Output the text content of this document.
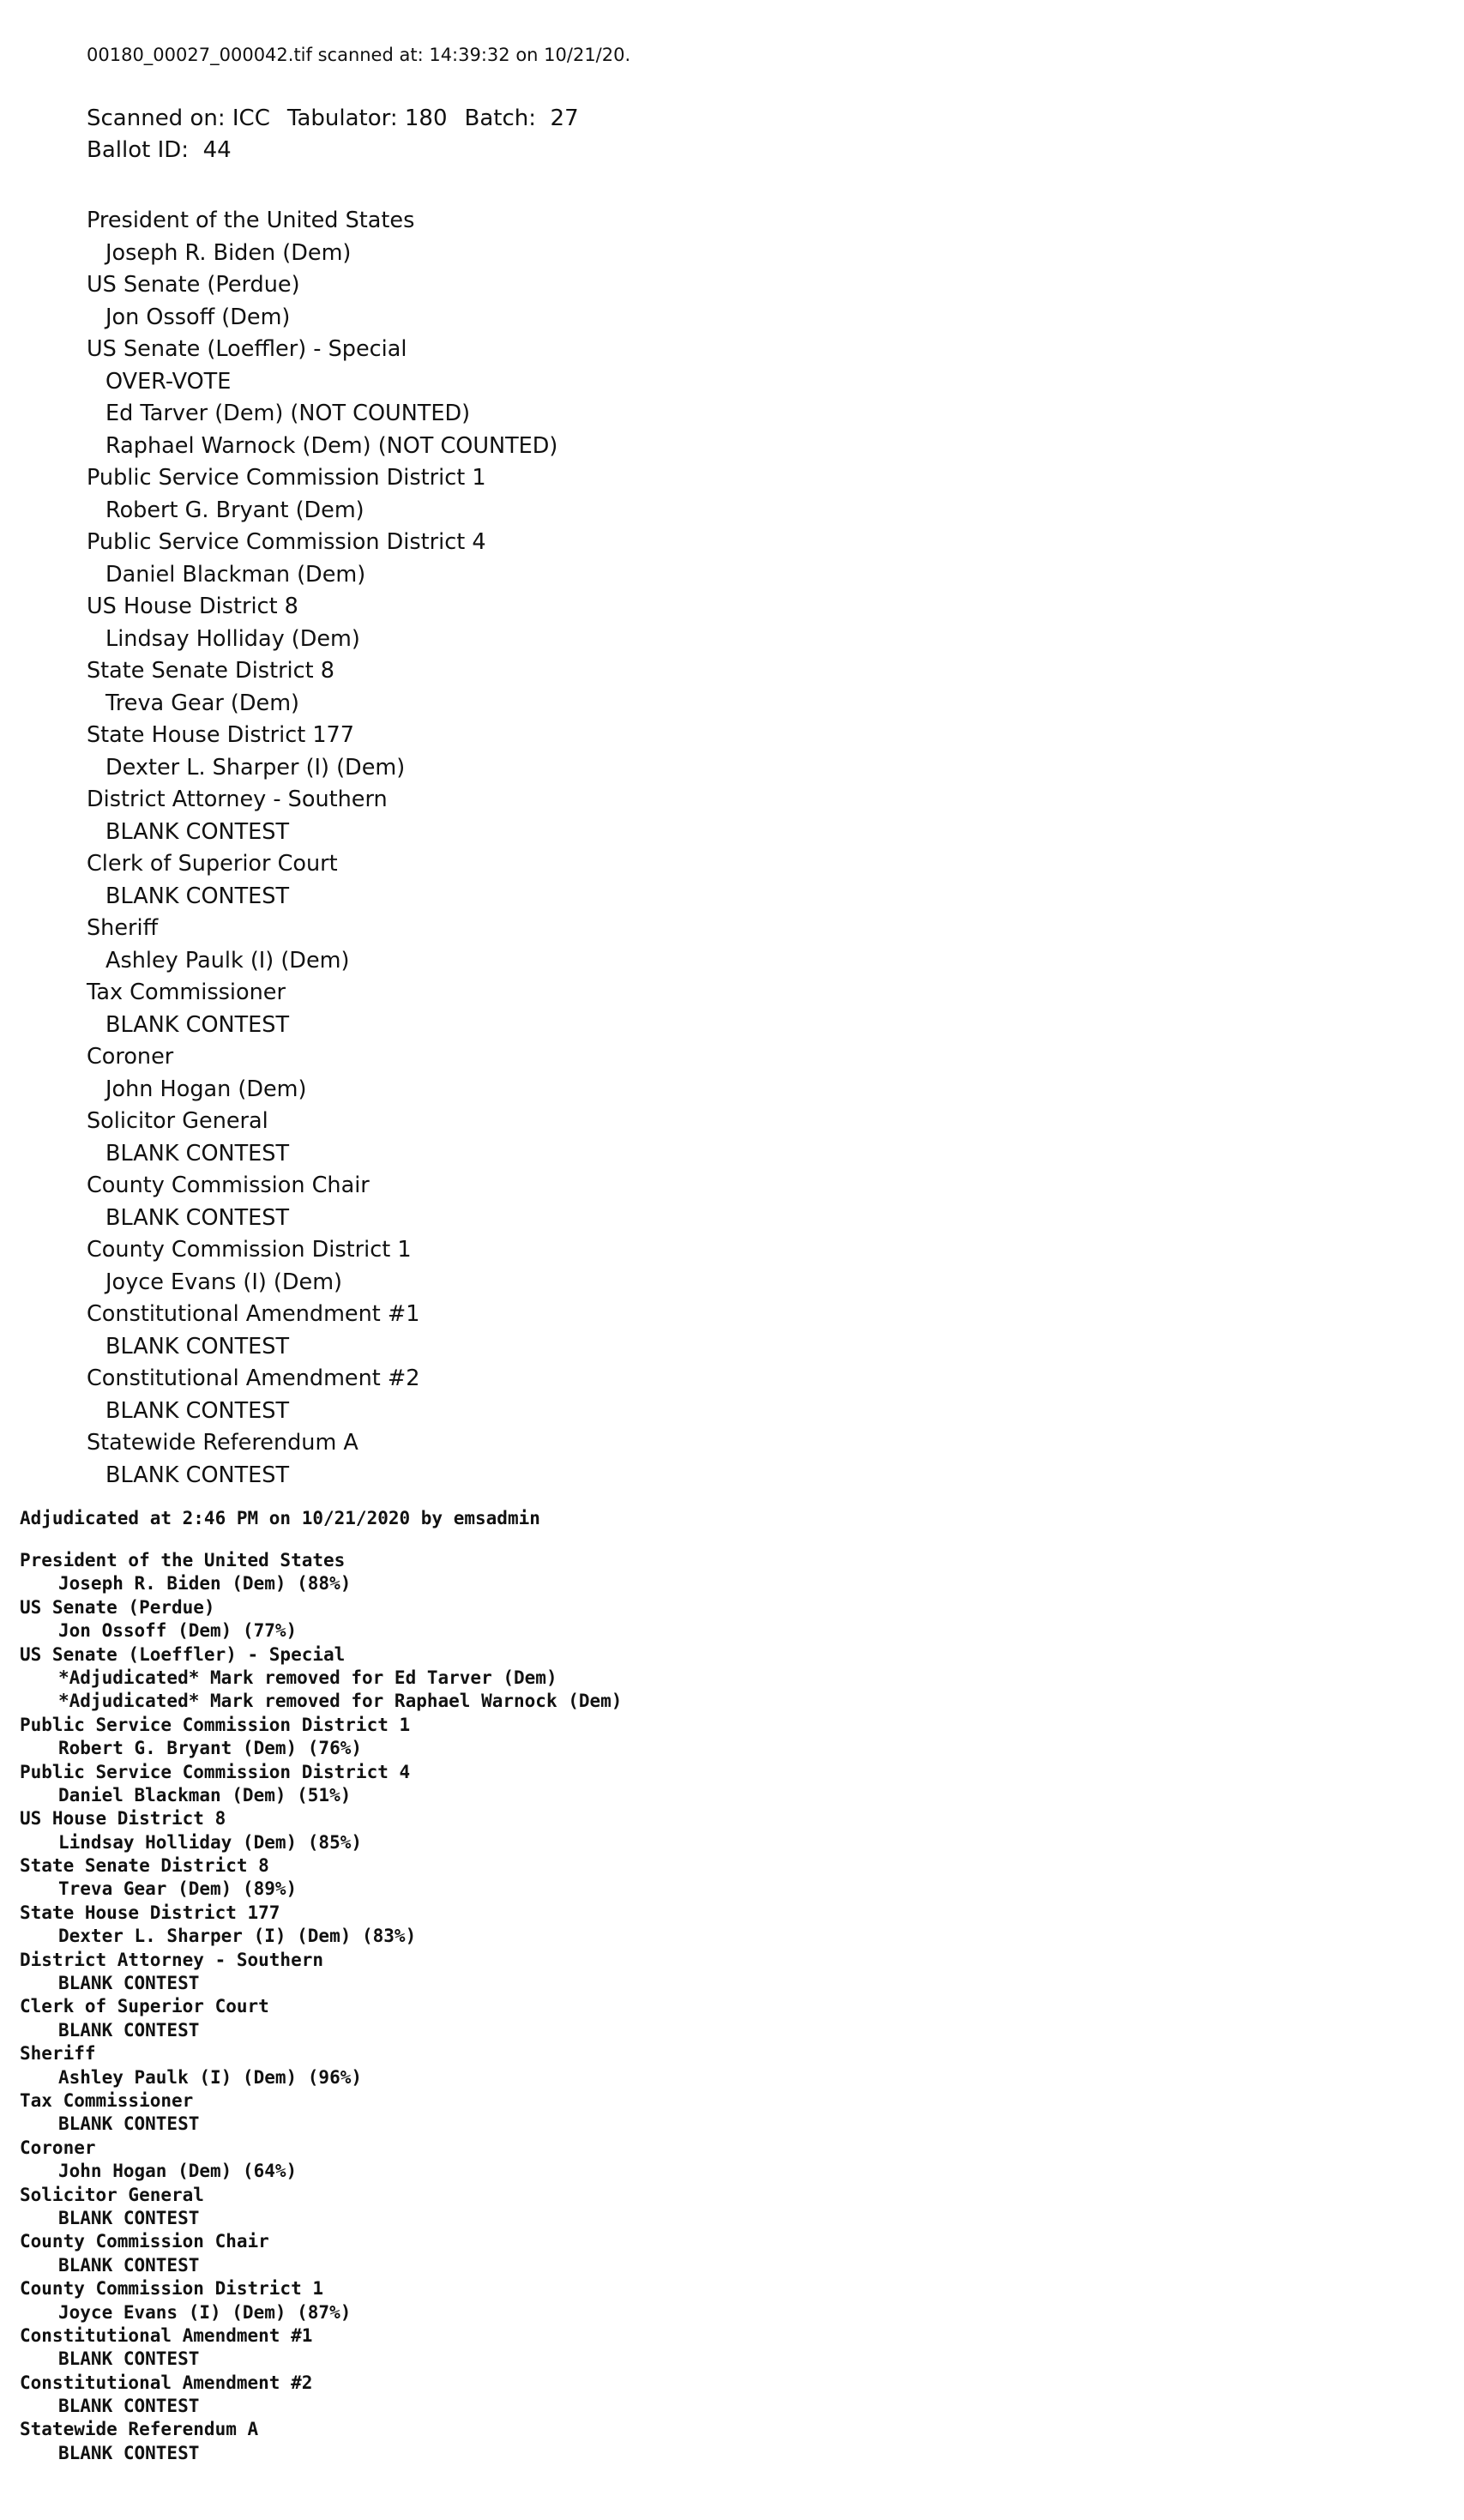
00180_00027_000042.tif scanned at: 14:39:32 on 10/21/20.
Scanned on: ICC Tabulator: 180 Batch: 27
Ballot ID: 44
President of the United States
Joseph R. Biden (Dem)
US Senate (Perdue)
Jon Ossoff (Dem)
US Senate (Loeffler) - Special
OVER-VOTE
Ed Tarver (Dem) (NOT COUNTED)
Raphael Warnock (Dem) (NOT COUNTED)
Public Service Commission District 1
Robert G. Bryant (Dem)
Public Service Commission District 4
Daniel Blackman (Dem)
US House District 8
Lindsay Holliday (Dem)
State Senate District 8
Treva Gear (Dem)
State House District 177
Dexter L. Sharper (I) (Dem)
District Attorney - Southern
BLANK CONTEST
Clerk of Superior Court
BLANK CONTEST
Sheriff
Ashley Paulk (I) (Dem)
Tax Commissioner
BLANK CONTEST
Coroner
John Hogan (Dem)
Solicitor General
BLANK CONTEST
County Commission Chair
BLANK CONTEST
County Commission District 1
Joyce Evans (I) (Dem)
Constitutional Amendment #1
BLANK CONTEST
Constitutional Amendment #2
BLANK CONTEST
Statewide Referendum A
BLANK CONTEST
Adjudicated at 2:46 PM on 10/21/2020 by emsadmin
President of the United States
Joseph R. Biden (Dem) (88%)
US Senate (Perdue)
Jon Ossoff (Dem) (77%)
US Senate (Loeffler) - Special
*Adjudicated* Mark removed for Ed Tarver (Dem)
*Adjudicated* Mark removed for Raphael Warnock (Dem)
Public Service Commission District 1
Robert G. Bryant (Dem) (76%)
Public Service Commission District 4
Daniel Blackman (Dem) (51%)
US House District 8
Lindsay Holliday (Dem) (85%)
State Senate District 8
Treva Gear (Dem) (89%)
State House District 177
Dexter L. Sharper (I) (Dem) (83%)
District Attorney - Southern
BLANK CONTEST
Clerk of Superior Court
BLANK CONTEST
Sheriff
Ashley Paulk (I) (Dem) (96%)
Tax Commissioner
BLANK CONTEST
Coroner
John Hogan (Dem) (64%)
Solicitor General
BLANK CONTEST
County Commission Chair
BLANK CONTEST
County Commission District 1
Joyce Evans (I) (Dem) (87%)
Constitutional Amendment #1
BLANK CONTEST
Constitutional Amendment #2
BLANK CONTEST
Statewide Referendum A
BLANK CONTEST
